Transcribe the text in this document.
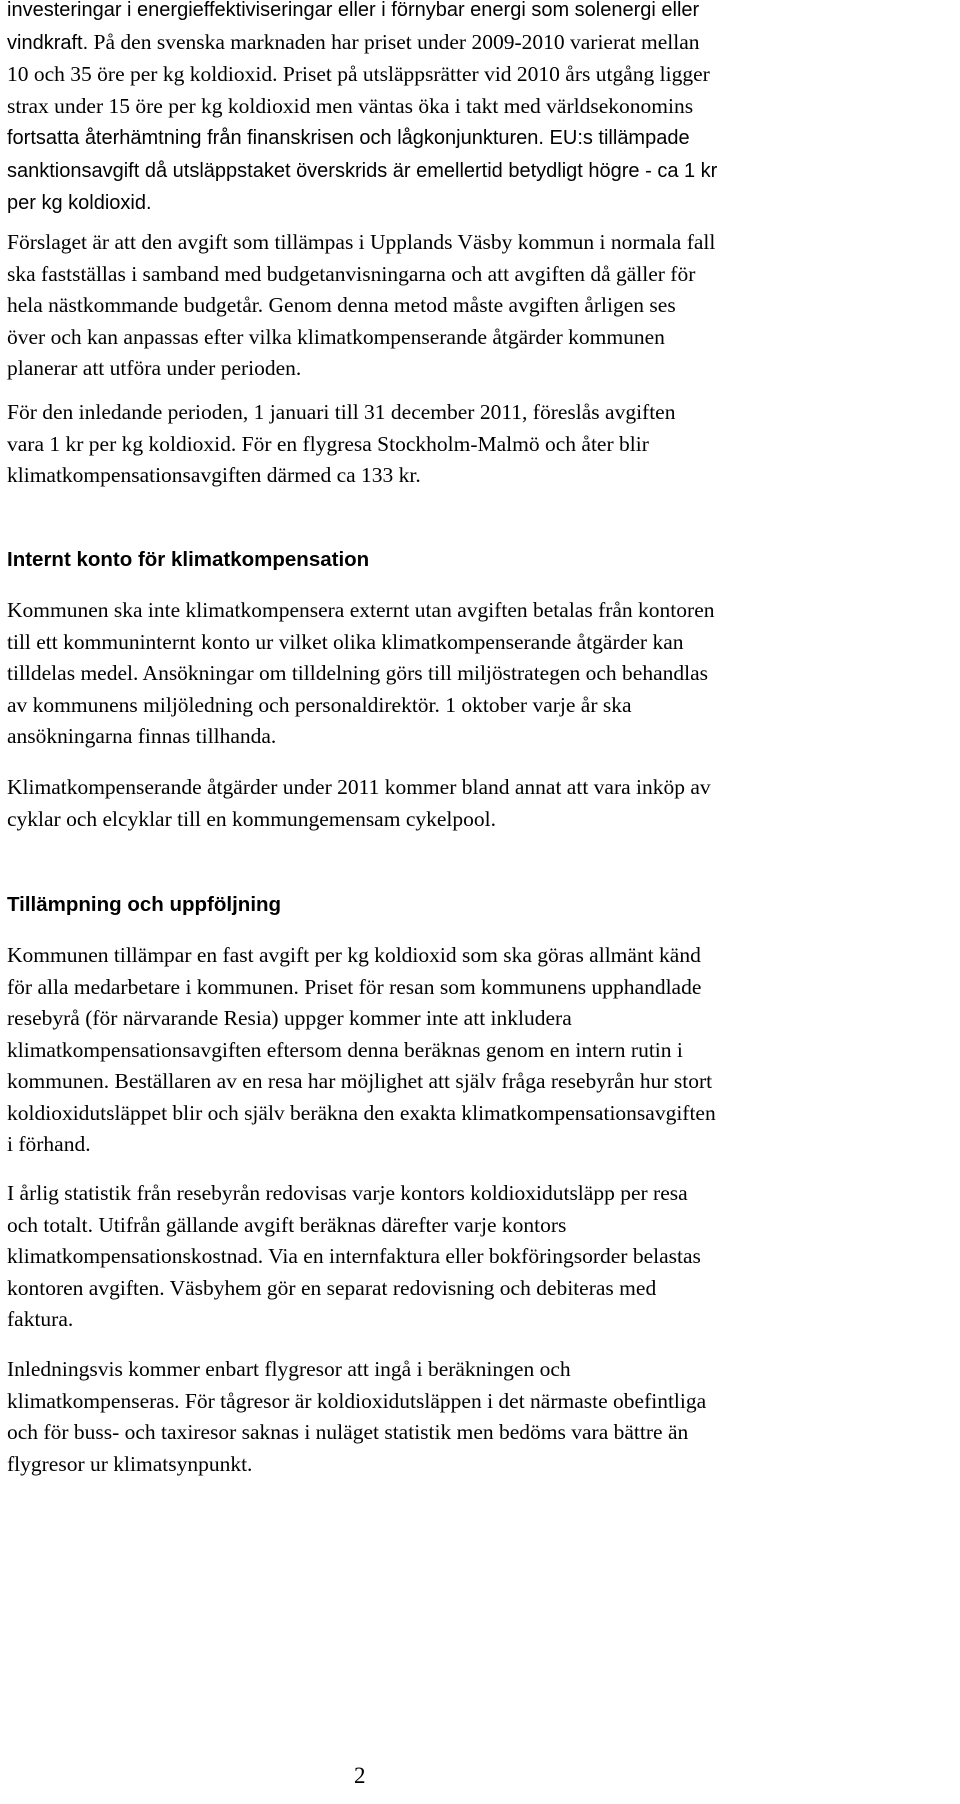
investeringar i energieffektiviseringar eller i förnybar energi som solenergi eller
vindkraft. På den svenska marknaden har priset under 2009-2010 varierat mellan
10 och 35 öre per kg koldioxid. Priset på utsläppsrätter vid 2010 års utgång ligger
strax under 15 öre per kg koldioxid men väntas öka i takt med världsekonomins
fortsatta återhämtning från finanskrisen och lågkonjunkturen. EU:s tillämpade
sanktionsavgift då utsläppstaket överskrids är emellertid betydligt högre - ca 1 kr
per kg koldioxid.

Förslaget är att den avgift som tillämpas i Upplands Väsby kommun i normala fall
ska fastställas i samband med budgetanvisningarna och att avgiften då gäller för
hela nästkommande budgetår. Genom denna metod måste avgiften årligen ses
över och kan anpassas efter vilka klimatkompenserande åtgärder kommunen
planerar att utföra under perioden.

För den inledande perioden, 1 januari till 31 december 2011, föreslås avgiften
vara 1 kr per kg koldioxid. För en flygresa Stockholm-Malmö och åter blir
klimatkompensationsavgiften därmed ca 133 kr.

Internt konto för klimatkompensation

Kommunen ska inte klimatkompensera externt utan avgiften betalas från kontoren
till ett kommuninternt konto ur vilket olika klimatkompenserande åtgärder kan
tilldelas medel. Ansökningar om tilldelning görs till miljöstrategen och behandlas
av kommunens miljöledning och personaldirektör. 1 oktober varje år ska
ansökningarna finnas tillhanda.

Klimatkompenserande åtgärder under 2011 kommer bland annat att vara inköp av
cyklar och elcyklar till en kommungemensam cykelpool.

Tillämpning och uppföljning

Kommunen tillämpar en fast avgift per kg koldioxid som ska göras allmänt känd
för alla medarbetare i kommunen. Priset för resan som kommunens upphandlade
resebyrå (för närvarande Resia) uppger kommer inte att inkludera
klimatkompensationsavgiften eftersom denna beräknas genom en intern rutin i
kommunen. Beställaren av en resa har möjlighet att själv fråga resebyrån hur stort
koldioxidutsläppet blir och själv beräkna den exakta klimatkompensationsavgiften
i förhand.

I årlig statistik från resebyrån redovisas varje kontors koldioxidutsläpp per resa
och totalt. Utifrån gällande avgift beräknas därefter varje kontors
klimatkompensationskostnad. Via en internfaktura eller bokföringsorder belastas
kontoren avgiften. Väsbyhem gör en separat redovisning och debiteras med
faktura.

Inledningsvis kommer enbart flygresor att ingå i beräkningen och
klimatkompenseras. För tågresor är koldioxidutsläppen i det närmaste obefintliga
och för buss- och taxiresor saknas i nuläget statistik men bedöms vara bättre än
flygresor ur klimatsynpunkt.

2
